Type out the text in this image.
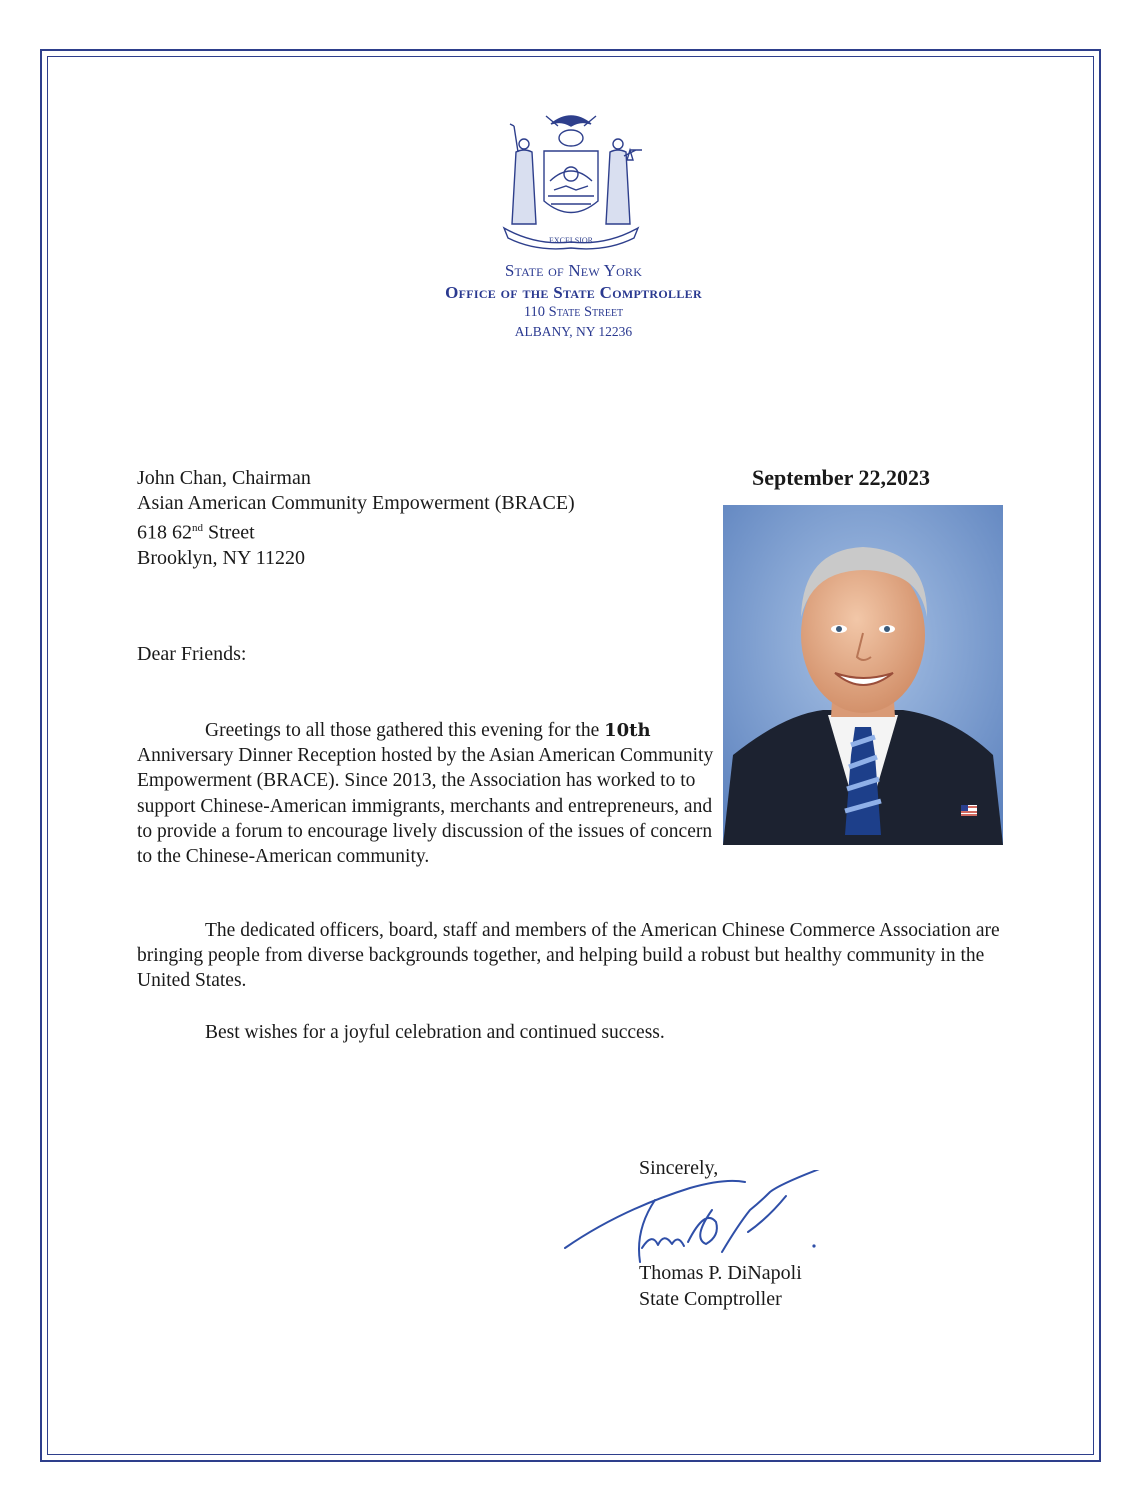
EXCELSIOR
State of New York
Office of the State Comptroller
110 State Street
ALBANY, NY 12236
John Chan, Chairman
Asian American Community Empowerment (BRACE)
618 62nd Street
Brooklyn, NY 11220
September 22,2023
Dear Friends:

Greetings to all those gathered this evening for the 10th Anniversary Dinner Reception hosted by the Asian American Community Empowerment (BRACE). Since 2013, the Association has worked to to support Chinese-American immigrants, merchants and entrepreneurs, and to provide a forum to encourage lively discussion of the issues of concern to the Chinese-American community.

The dedicated officers, board, staff and members of the American Chinese Commerce Association are bringing people from diverse backgrounds together, and helping build a robust but healthy community in the United States.

Best wishes for a joyful celebration and continued success.

Sincerely,
Thomas P. DiNapoli
State Comptroller
